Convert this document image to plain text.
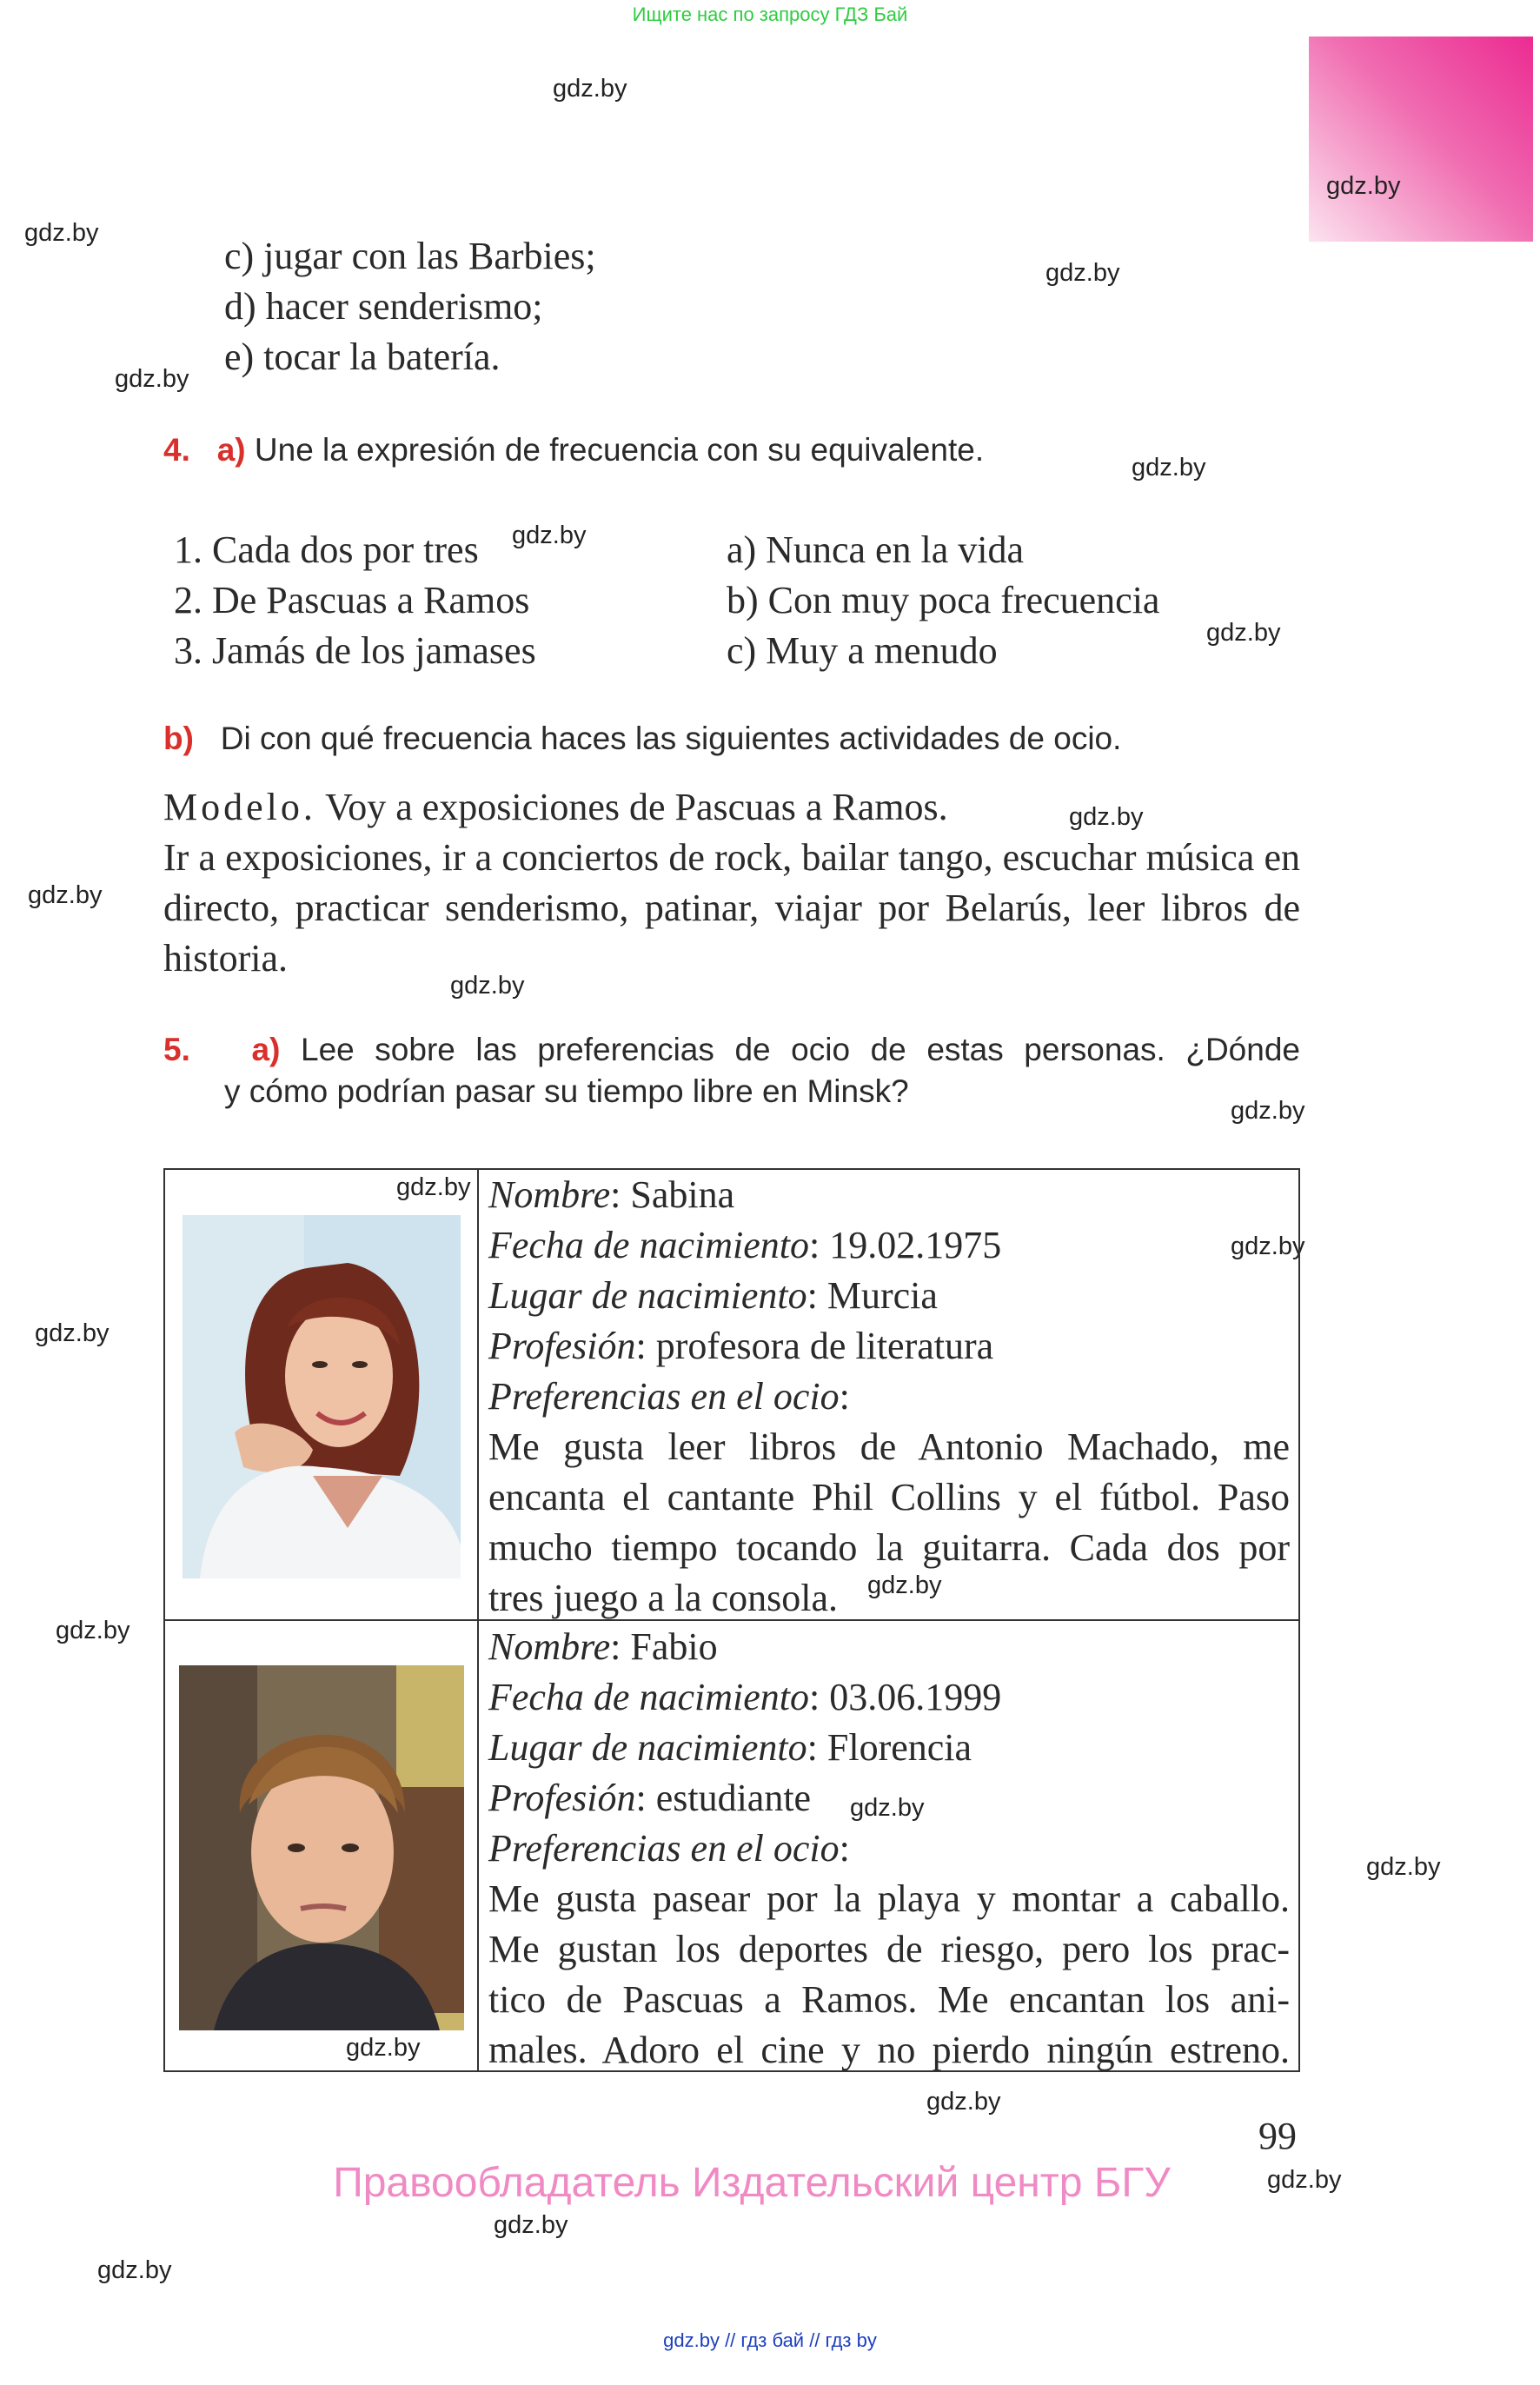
Ищите нас по запросу ГДЗ Бай
gdz.by
gdz.by
gdz.by
gdz.by
gdz.by
gdz.by
gdz.by
gdz.by
gdz.by
gdz.by
gdz.by
gdz.by
gdz.by
gdz.by
gdz.by
gdz.by
gdz.by
gdz.by
gdz.by
gdz.by
gdz.by
gdz.by
gdz.by
gdz.by
c) jugar con las Barbies;
d) hacer senderismo;
e) tocar la batería.
4. a) Une la expresión de frecuencia con su equivalente.
1. Cada dos por tres
2. De Pascuas a Ramos
3. Jamás de los jamases
a) Nunca en la vida
b) Con muy poca frecuencia
c) Muy a menudo
b) Di con qué frecuencia haces las siguientes actividades de ocio.
Modelo. Voy a exposiciones de Pascuas a Ramos.
Ir a exposiciones, ir a conciertos de rock, bailar tango, escuchar música en directo, practicar senderismo, patinar, viajar por Belarús, leer libros de historia.
5. a) Lee sobre las preferencias de ocio de estas personas. ¿Dónde
y cómo podrían pasar su tiempo libre en Minsk?
Nombre: Sabina
Fecha de nacimiento: 19.02.1975
Lugar de nacimiento: Murcia
Profesión: profesora de literatura
Preferencias en el ocio:
Me gusta leer libros de Antonio Machado, me
encanta el cantante Phil Collins y el fútbol. Paso
mucho tiempo tocando la guitarra. Cada dos por
tres juego a la consola.
Nombre: Fabio
Fecha de nacimiento: 03.06.1999
Lugar de nacimiento: Florencia
Profesión: estudiante
Preferencias en el ocio:
Me gusta pasear por la playa y montar a caballo.
Me gustan los deportes de riesgo, pero los prac-
tico de Pascuas a Ramos. Me encantan los ani-
males. Adoro el cine y no pierdo ningún estreno.
99
Правообладатель Издательский центр БГУ
gdz.by // гдз бай // гдз by
